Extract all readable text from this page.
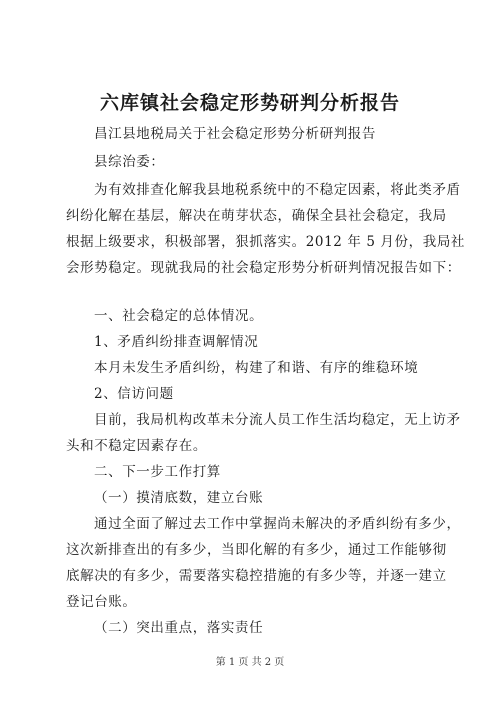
六库镇社会稳定形势研判分析报告
昌江县地税局关于社会稳定形势分析研判报告
县综治委：
为有效排查化解我县地税系统中的不稳定因素，将此类矛盾
纠纷化解在基层，解决在萌芽状态，确保全县社会稳定，我局
根据上级要求，积极部署，狠抓落实。2012 年 5 月份，我局社
会形势稳定。现就我局的社会稳定形势分析研判情况报告如下：
一、社会稳定的总体情况。
1、矛盾纠纷排查调解情况
本月未发生矛盾纠纷，构建了和谐、有序的维稳环境
2、信访问题
目前，我局机构改革未分流人员工作生活均稳定，无上访矛
头和不稳定因素存在。
二、下一步工作打算
（一）摸清底数，建立台账
通过全面了解过去工作中掌握尚未解决的矛盾纠纷有多少，
这次新排查出的有多少，当即化解的有多少，通过工作能够彻
底解决的有多少，需要落实稳控措施的有多少等，并逐一建立
登记台账。
（二）突出重点，落实责任
第 1 页 共 2 页
